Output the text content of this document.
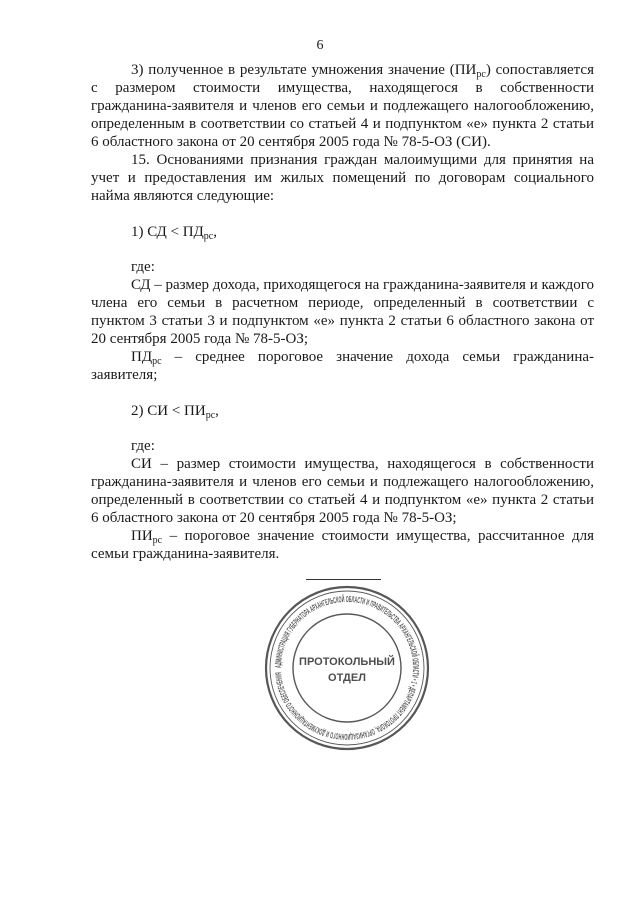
6

3) полученное в результате умножения значение $(ПИ_{рс})$ сопоставляется с размером стоимости имущества, находящегося в собственности гражданина-заявителя и членов его семьи и подлежащего налогообложению, определенным в соответствии со статьей 4 и подпунктом «е» пункта 2 статьи 6 областного закона от 20 сентября 2005 года № 78-5-ОЗ (СИ).

15. Основаниями признания граждан малоимущими для принятия на учет и предоставления им жилых помещений по договорам социального найма являются следующие:

1) СД < $ПД_{рс}$,

где:

СД – размер дохода, приходящегося на гражданина-заявителя и каждого члена его семьи в расчетном периоде, определенный в соответствии с пунктом 3 статьи 3 и подпунктом «е» пункта 2 статьи 6 областного закона от 20 сентября 2005 года № 78-5-ОЗ;

$ПД_{рс}$ – среднее пороговое значение дохода семьи гражданина-заявителя;

2) СИ < $ПИ_{рс}$,

где:

СИ – размер стоимости имущества, находящегося в собственности гражданина-заявителя и членов его семьи и подлежащего налогообложению, определенный в соответствии со статьей 4 и подпунктом «е» пункта 2 статьи 6 областного закона от 20 сентября 2005 года № 78-5-ОЗ;

$ПИ_{рс}$ – пороговое значение стоимости имущества, рассчитанное для семьи гражданина-заявителя.

АДМИНИСТРАЦИЯ ГУБЕРНАТОРА АРХАНГЕЛЬСКОЙ ОБЛАСТИ И ПРАВИТЕЛЬСТВА АРХАНГЕЛЬСКОЙ ОБЛАСТИ • 1 • ДЕПАРТАМЕНТ ПРОТОКОЛА, ОРГАНИЗАЦИОННОГО И ДОКУМЕНТАЦИОННОГО ОБЕСПЕЧЕНИЯ
ПРОТОКОЛЬНЫЙ
ОТДЕЛ
